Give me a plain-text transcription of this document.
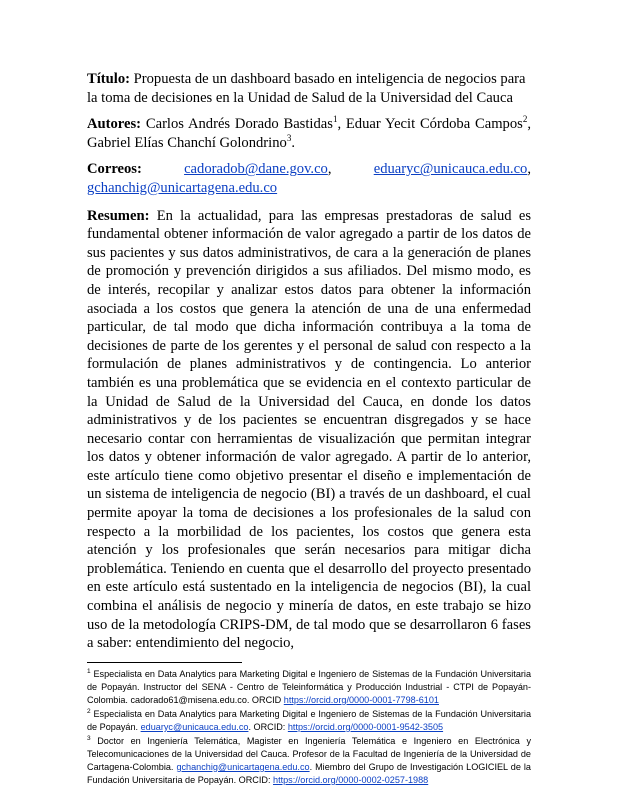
Título: Propuesta de un dashboard basado en inteligencia de negocios para la toma de decisiones en la Unidad de Salud de la Universidad del Cauca

Autores: Carlos Andrés Dorado Bastidas$^1$, Eduar Yecit Córdoba Campos$^2$, Gabriel Elías Chanchí Golondrino$^3$.

Correos:	cadoradob@dane.gov.co,	eduaryc@unicauca.edu.co,
gchanchig@unicartagena.edu.co

Resumen: En la actualidad, para las empresas prestadoras de salud es fundamental obtener información de valor agregado a partir de los datos de sus pacientes y sus datos administrativos, de cara a la generación de planes de promoción y prevención dirigidos a sus afiliados. Del mismo modo, es de interés, recopilar y analizar estos datos para obtener la información asociada a los costos que genera la atención de una de una enfermedad particular, de tal modo que dicha información contribuya a la toma de decisiones de parte de los gerentes y el personal de salud con respecto a la formulación de planes administrativos y de contingencia. Lo anterior también es una problemática que se evidencia en el contexto particular de la Unidad de Salud de la Universidad del Cauca, en donde los datos administrativos y de los pacientes se encuentran disgregados y se hace necesario contar con herramientas de visualización que permitan integrar los datos y obtener información de valor agregado. A partir de lo anterior, este artículo tiene como objetivo presentar el diseño e implementación de un sistema de inteligencia de negocio (BI) a través de un dashboard, el cual permite apoyar la toma de decisiones a los profesionales de la salud con respecto a la morbilidad de los pacientes, los costos que genera esta atención y los profesionales que serán necesarios para mitigar dicha problemática. Teniendo en cuenta que el desarrollo del proyecto presentado en este artículo está sustentado en la inteligencia de negocios (BI), la cual combina el análisis de negocio y minería de datos, en este trabajo se hizo uso de la metodología CRIPS-DM, de tal modo que se desarrollaron 6 fases a saber: entendimiento del negocio,

$^1$ Especialista en Data Analytics para Marketing Digital e Ingeniero de Sistemas de la Fundación Universitaria de Popayán. Instructor del SENA - Centro de Teleinformática y Producción Industrial - CTPI de Popayán-Colombia. cadorado61@misena.edu.co. ORCID https://orcid.org/0000-0001-7798-6101

$^2$ Especialista en Data Analytics para Marketing Digital e Ingeniero de Sistemas de la Fundación Universitaria de Popayán. eduaryc@unicauca.edu.co. ORCID: https://orcid.org/0000-0001-9542-3505

$^3$ Doctor en Ingeniería Telemática, Magister en Ingeniería Telemática e Ingeniero en Electrónica y Telecomunicaciones de la Universidad del Cauca. Profesor de la Facultad de Ingeniería de la Universidad de Cartagena-Colombia. gchanchig@unicartagena.edu.co. Miembro del Grupo de Investigación LOGICIEL de la Fundación Universitaria de Popayán. ORCID: https://orcid.org/0000-0002-0257-1988
